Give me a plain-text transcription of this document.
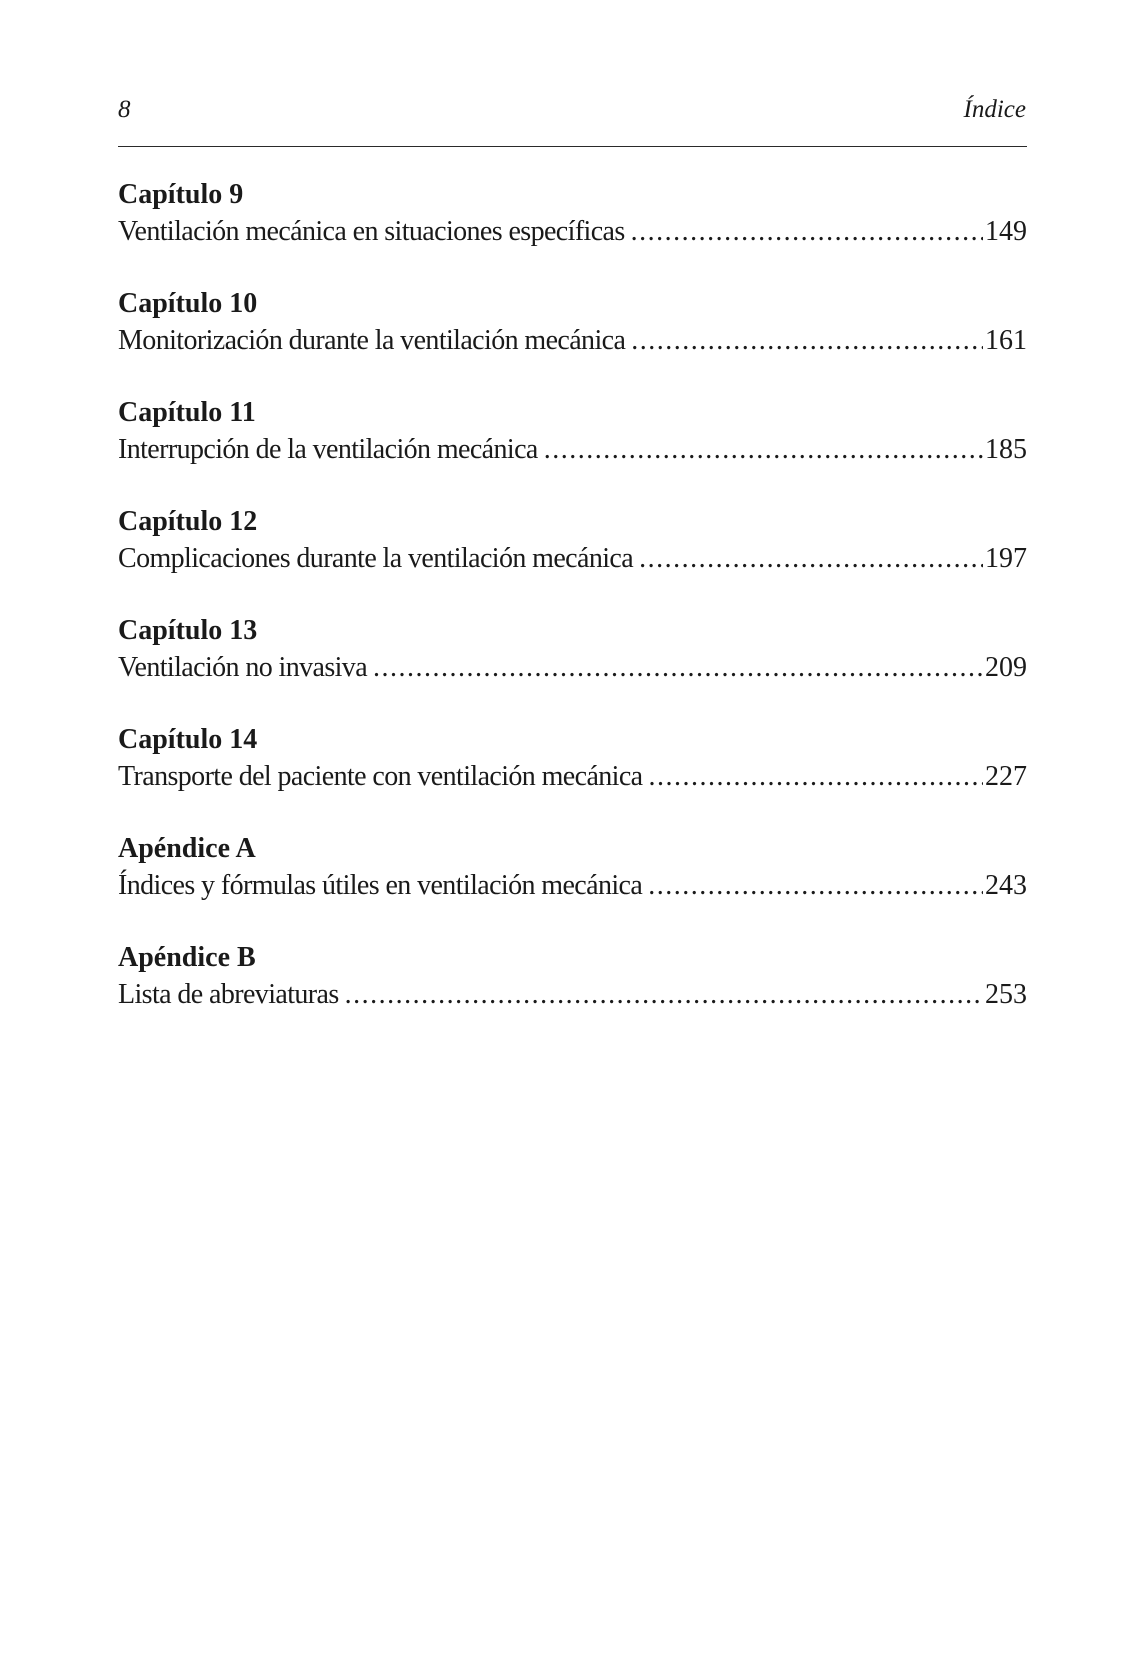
8	Índice
Capítulo 9
Ventilación mecánica en situaciones específicas .....	149
Capítulo 10
Monitorización durante la ventilación mecánica .....	161
Capítulo 11
Interrupción de la ventilación mecánica .....	185
Capítulo 12
Complicaciones durante la ventilación mecánica .....	197
Capítulo 13
Ventilación no invasiva .....	209
Capítulo 14
Transporte del paciente con ventilación mecánica .....	227
Apéndice A
Índices y fórmulas útiles en ventilación mecánica .....	243
Apéndice B
Lista de abreviaturas .....	253
